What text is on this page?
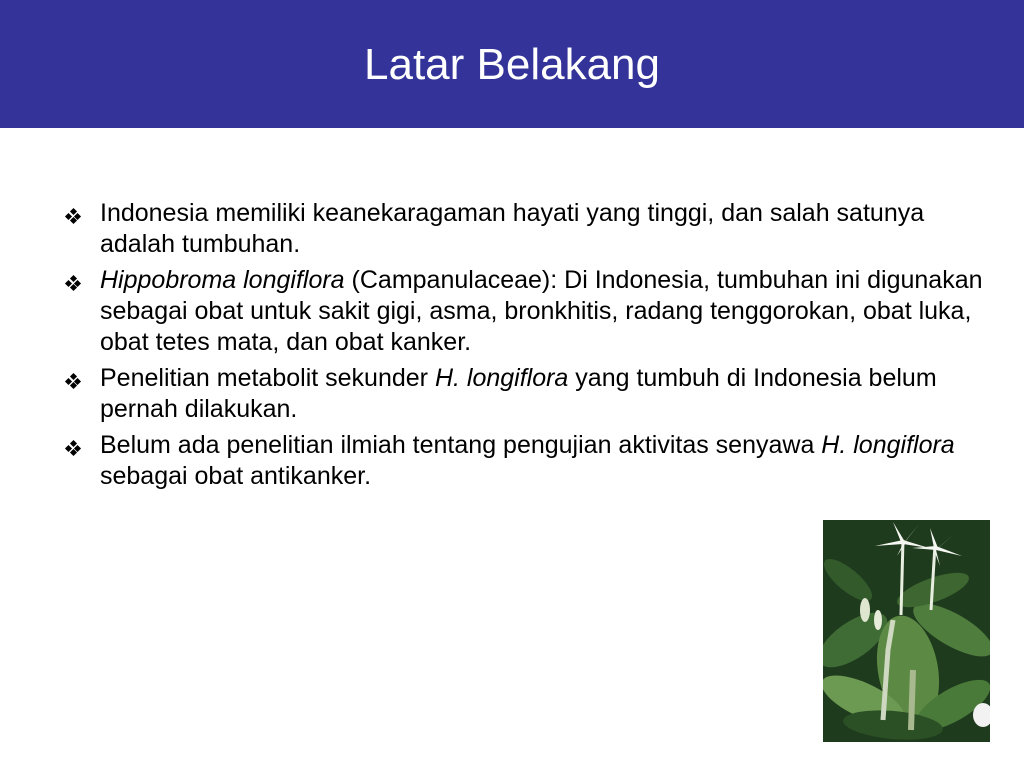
Latar Belakang
Indonesia memiliki keanekaragaman hayati yang tinggi, dan salah satunya adalah tumbuhan.
Hippobroma longiflora (Campanulaceae): Di Indonesia, tumbuhan ini digunakan sebagai obat untuk sakit gigi, asma, bronkhitis, radang tenggorokan, obat luka, obat tetes mata, dan obat kanker.
Penelitian metabolit sekunder H. longiflora yang tumbuh di Indonesia belum pernah dilakukan.
Belum ada penelitian ilmiah tentang pengujian aktivitas senyawa H. longiflora sebagai obat antikanker.
